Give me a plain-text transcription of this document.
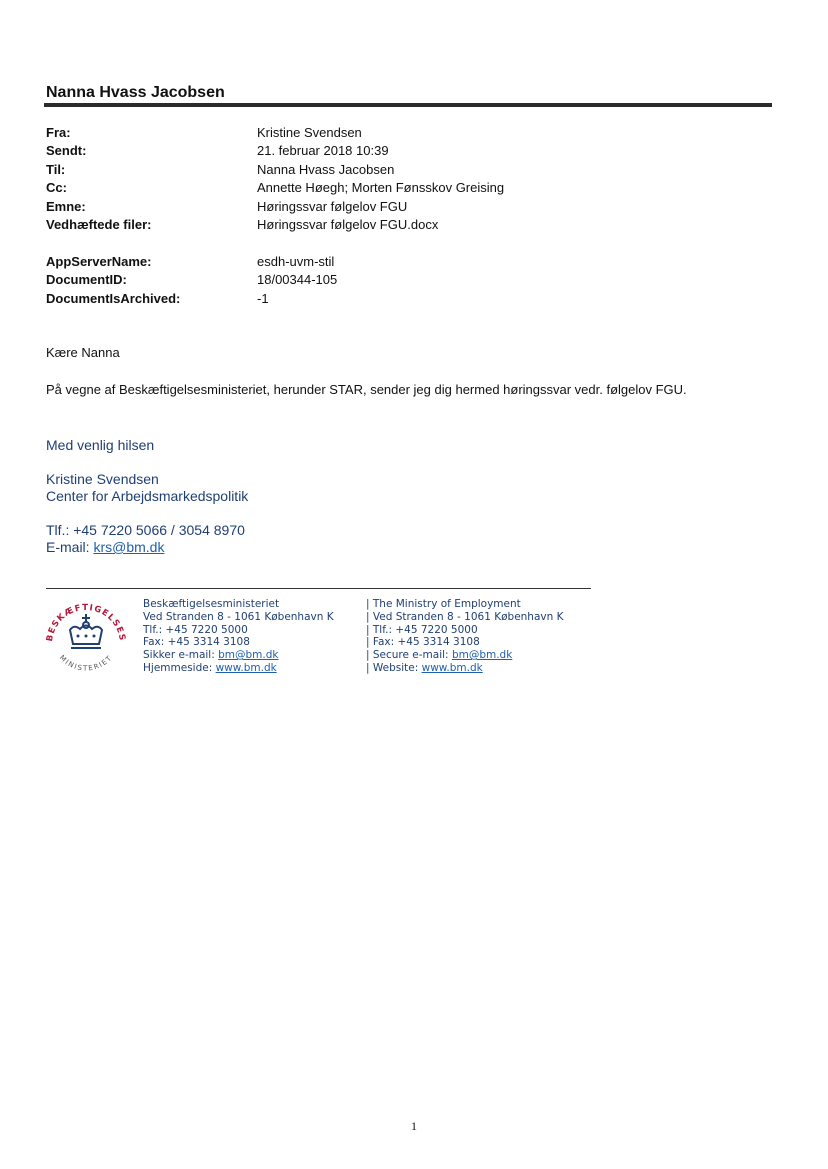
Nanna Hvass Jacobsen
Fra:	Kristine Svendsen
Sendt:	21. februar 2018 10:39
Til:	Nanna Hvass Jacobsen
Cc:	Annette Høegh; Morten Fønsskov Greising
Emne:	Høringssvar følgelov FGU
Vedhæftede filer:	Høringssvar følgelov FGU.docx
AppServerName:	esdh-uvm-stil
DocumentID:	18/00344-105
DocumentIsArchived:	-1
Kære Nanna
På vegne af Beskæftigelsesministeriet, herunder STAR, sender jeg dig hermed høringssvar vedr. følgelov FGU.
Med venlig hilsen
Kristine Svendsen
Center for Arbejdsmarkedspolitik
Tlf.: +45 7220 5066 / 3054 8970
E-mail: krs@bm.dk
BESKÆFTIGELSES
MINISTERIET
Beskæftigelsesministeriet
Ved Stranden 8 - 1061 København K
Tlf.: +45 7220 5000
Fax: +45 3314 3108
Sikker e-mail: bm@bm.dk
Hjemmeside: www.bm.dk
| The Ministry of Employment
| Ved Stranden 8 - 1061 København K
| Tlf.: +45 7220 5000
| Fax: +45 3314 3108
| Secure e-mail: bm@bm.dk
| Website: www.bm.dk
1
